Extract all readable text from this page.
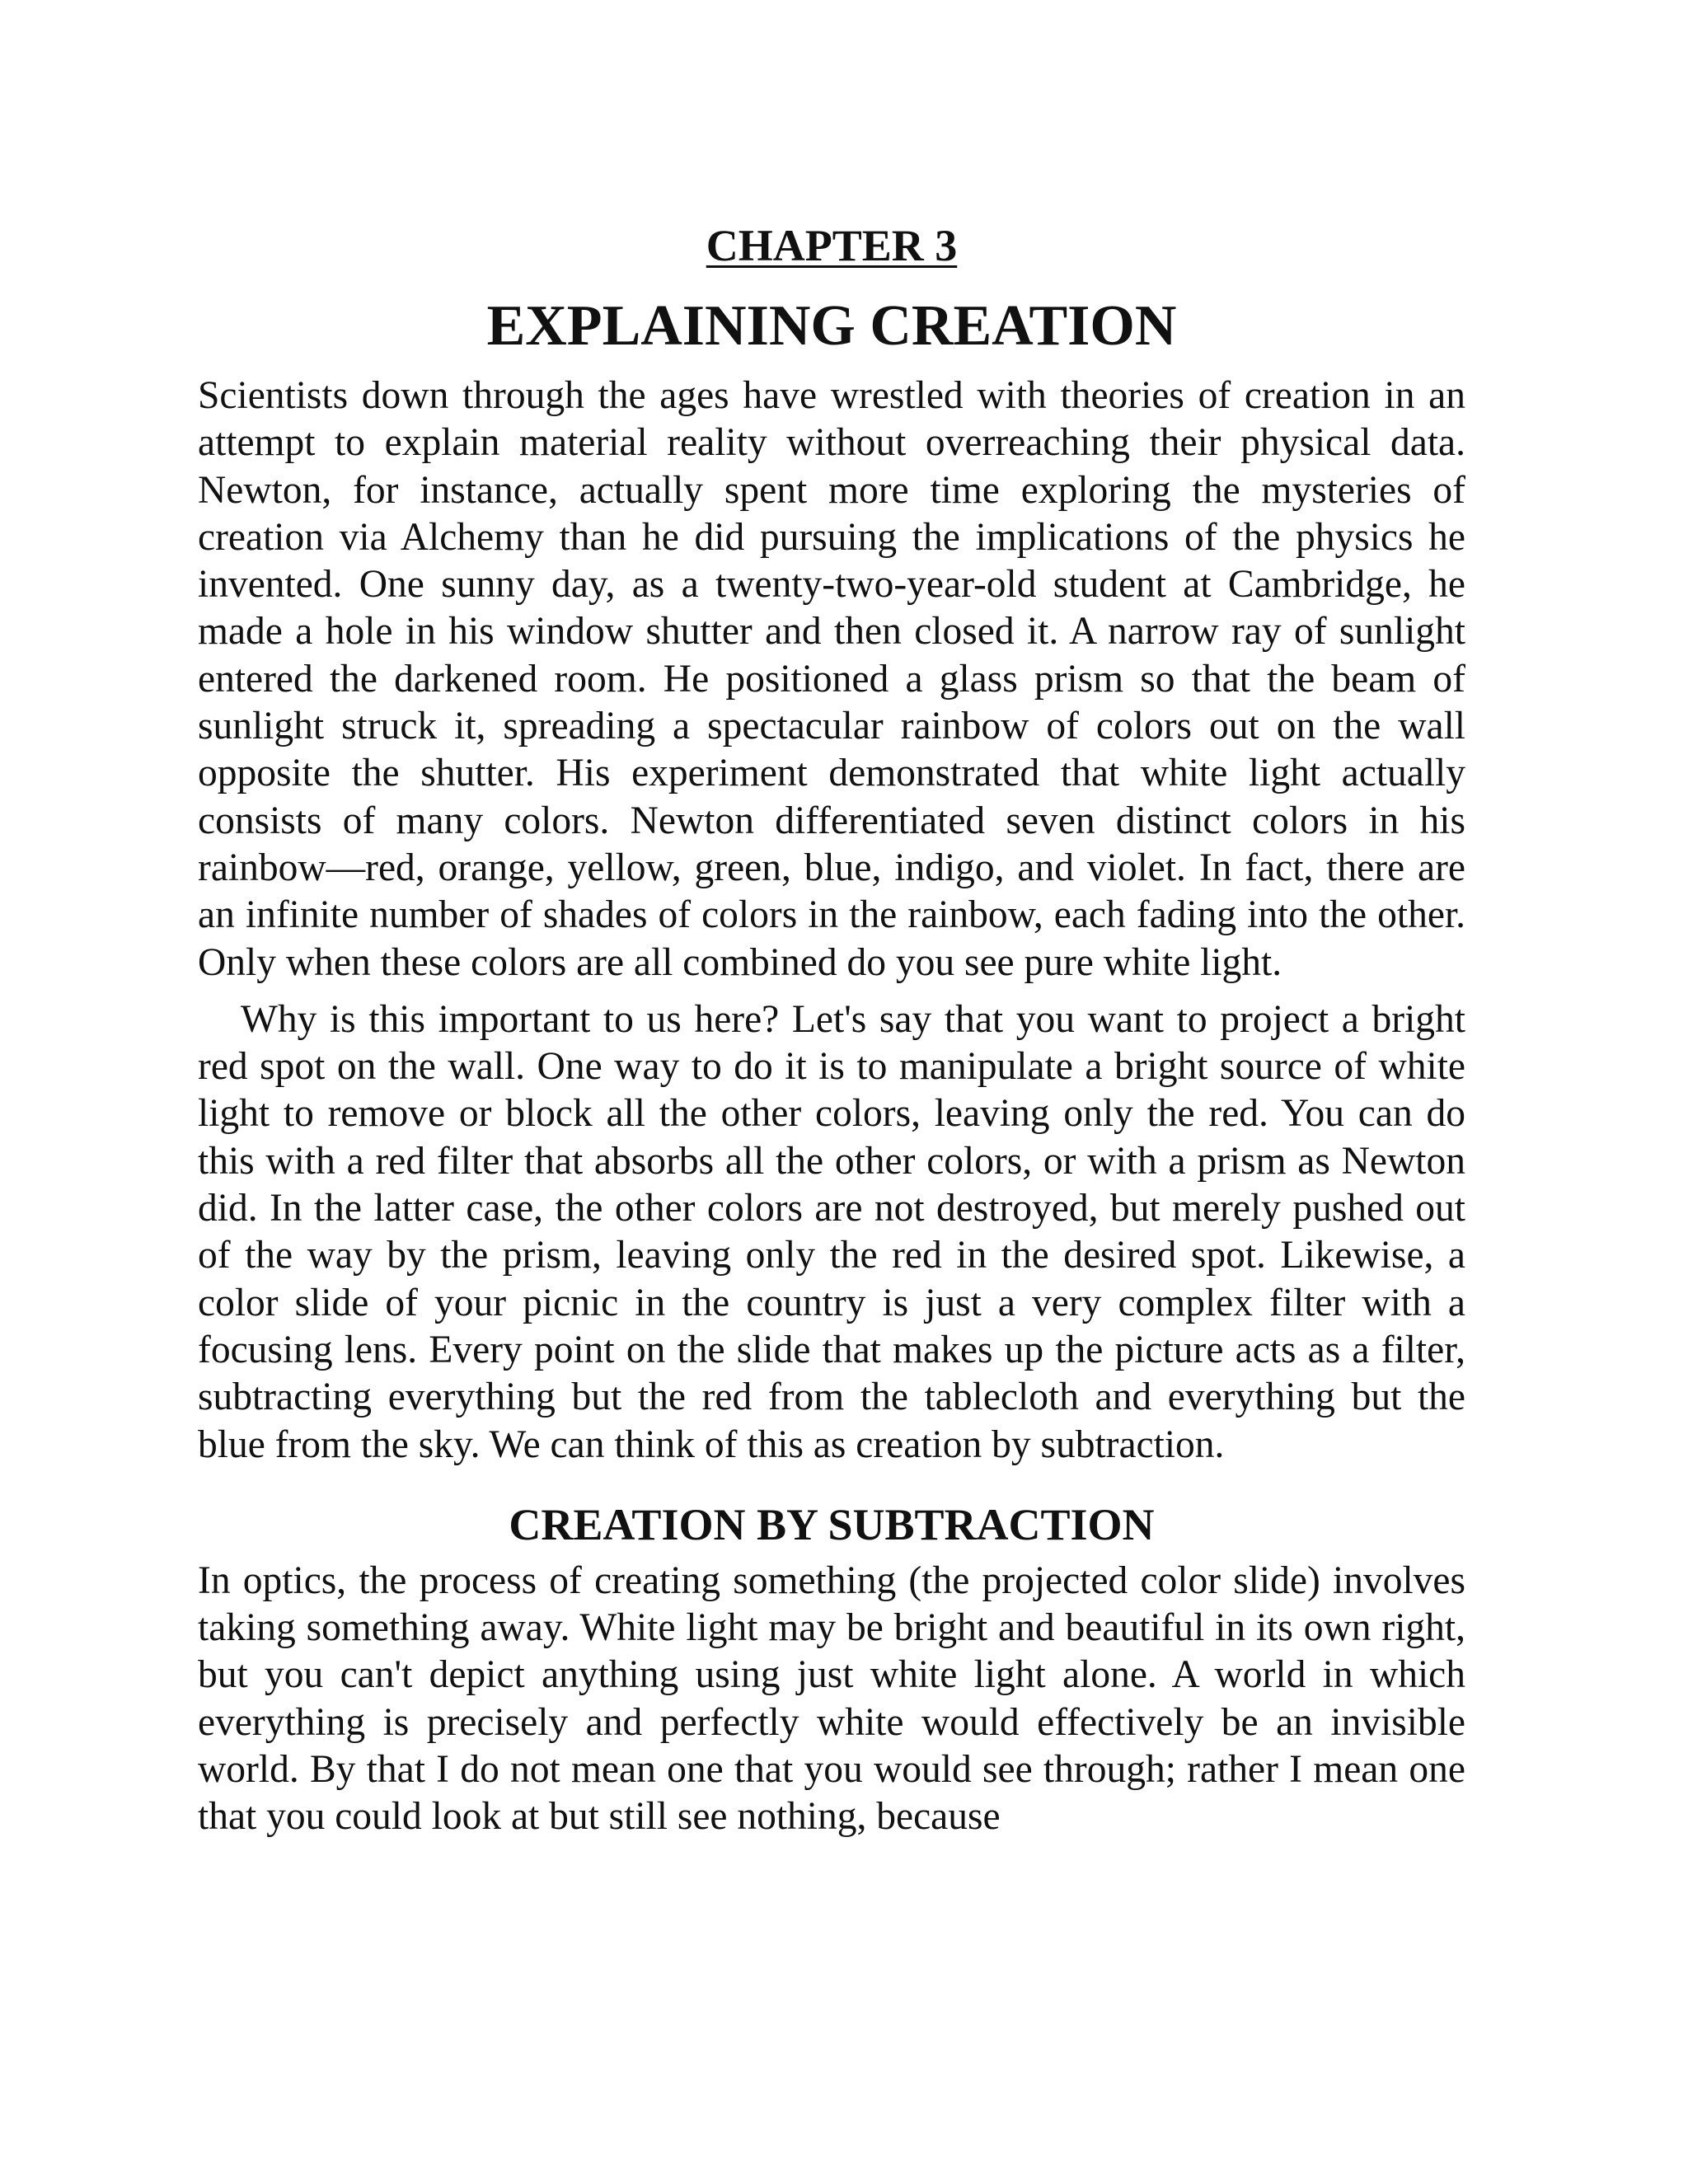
CHAPTER 3
EXPLAINING CREATION

Scientists down through the ages have wrestled with theories of creation in an attempt to explain material reality without overreaching their physical data. Newton, for instance, actually spent more time exploring the mysteries of creation via Alchemy than he did pursuing the implications of the physics he invented. One sunny day, as a twenty-two-year-old student at Cambridge, he made a hole in his window shutter and then closed it. A narrow ray of sunlight entered the darkened room. He positioned a glass prism so that the beam of sunlight struck it, spreading a spectacular rainbow of colors out on the wall opposite the shutter. His experiment demonstrated that white light actually consists of many colors. Newton differentiated seven distinct colors in his rainbow—red, orange, yellow, green, blue, indigo, and violet. In fact, there are an infinite number of shades of colors in the rainbow, each fading into the other. Only when these colors are all combined do you see pure white light.

Why is this important to us here? Let's say that you want to project a bright red spot on the wall. One way to do it is to manipulate a bright source of white light to remove or block all the other colors, leaving only the red. You can do this with a red filter that absorbs all the other colors, or with a prism as Newton did. In the latter case, the other colors are not destroyed, but merely pushed out of the way by the prism, leaving only the red in the desired spot. Likewise, a color slide of your picnic in the country is just a very complex filter with a focusing lens. Every point on the slide that makes up the picture acts as a filter, subtracting everything but the red from the tablecloth and everything but the blue from the sky. We can think of this as creation by subtraction.

CREATION BY SUBTRACTION

In optics, the process of creating something (the projected color slide) involves taking something away. White light may be bright and beautiful in its own right, but you can't depict anything using just white light alone. A world in which everything is precisely and perfectly white would effectively be an invisible world. By that I do not mean one that you would see through; rather I mean one that you could look at but still see nothing, because
